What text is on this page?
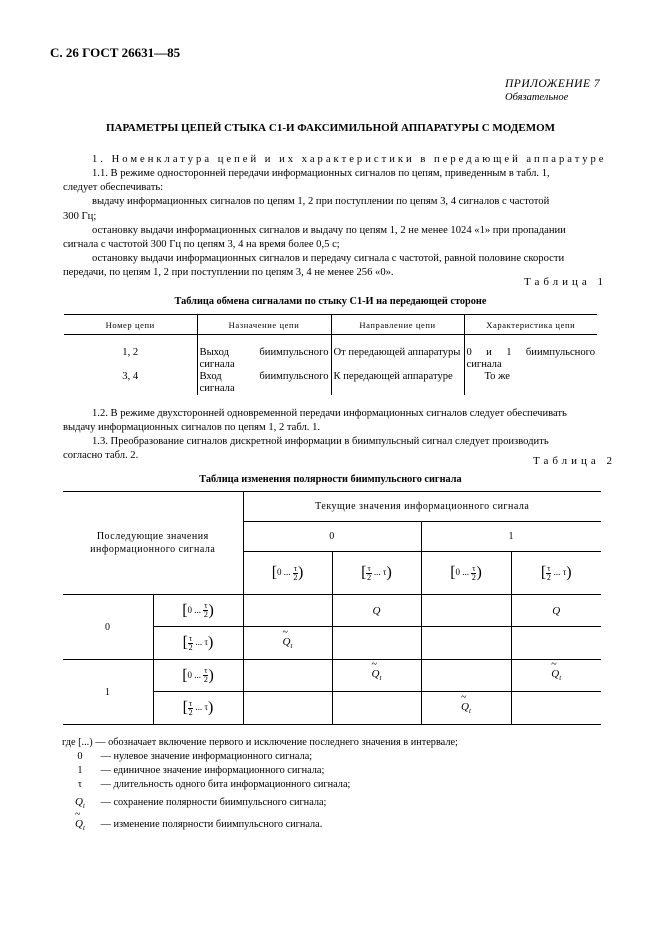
С. 26 ГОСТ 26631—85
ПРИЛОЖЕНИЕ 7
Обязательное
ПАРАМЕТРЫ ЦЕПЕЙ СТЫКА С1-И ФАКСИМИЛЬНОЙ АППАРАТУРЫ С МОДЕМОМ
1. Номенклатура цепей и их характеристики в передающей аппаратуре
1.1. В режиме односторонней передачи информационных сигналов по цепям, приведенным в табл. 1,
следует обеспечивать:
выдачу информационных сигналов по цепям 1, 2 при поступлении по цепям 3, 4 сигналов с частотой
300 Гц;
остановку выдачи информационных сигналов и выдачу по цепям 1, 2 не менее 1024 «1» при пропадании
сигнала с частотой 300 Гц по цепям 3, 4 на время более 0,5 с;
остановку выдачи информационных сигналов и передачу сигнала с частотой, равной половине скорости
передачи, по цепям 1, 2 при поступлении по цепям 3, 4 не менее 256 «0».
Таблица 1
Таблица обмена сигналами по стыку С1-И на передающей стороне
Номер цепи	Назначение цепи	Направление цепи	Характеристика цепи

1, 2	Выход биимпульсного сигнала	От передающей аппаратуры	0 и 1 биимпульсного сигнала
3, 4	Вход биимпульсного сигнала	К передающей аппаратуре	То же
1.2. В режиме двухсторонней одновременной передачи информационных сигналов следует обеспечивать
выдачу информационных сигналов по цепям 1, 2 табл. 1.
1.3. Преобразование сигналов дискретной информации в биимпульсный сигнал следует производить
согласно табл. 2.	Таблица 2
Таблица изменения полярности биимпульсного сигнала
Последующие значения информационного сигнала		Текущие значения информационного сигнала			
		0		1	
		[0 ... $\frac{\tau}{2}$ )	[ $\frac{\tau}{2}$ ... τ)	[0 ... $\frac{\tau}{2}$ )	[ $\frac{\tau}{2}$ ... τ)
0	[0 ... $\frac{\tau}{2}$ )		Q		Q
	[ $\frac{\tau}{2}$ ... τ)	~ $Q_t$			
1	[0 ... $\frac{\tau}{2}$ )		~ $Q_t$		~ $Q_t$
	[ $\frac{\tau}{2}$ ... τ)			~ $Q_t$	
где [...) — обозначает включение первого и исключение последнего значения в интервале;
0 — нулевое значение информационного сигнала;
1 — единичное значение информационного сигнала;
τ — длительность одного бита информационного сигнала;
$Q_t$ — сохранение полярности биимпульсного сигнала;
~ $Q_t$ — изменение полярности биимпульсного сигнала.
